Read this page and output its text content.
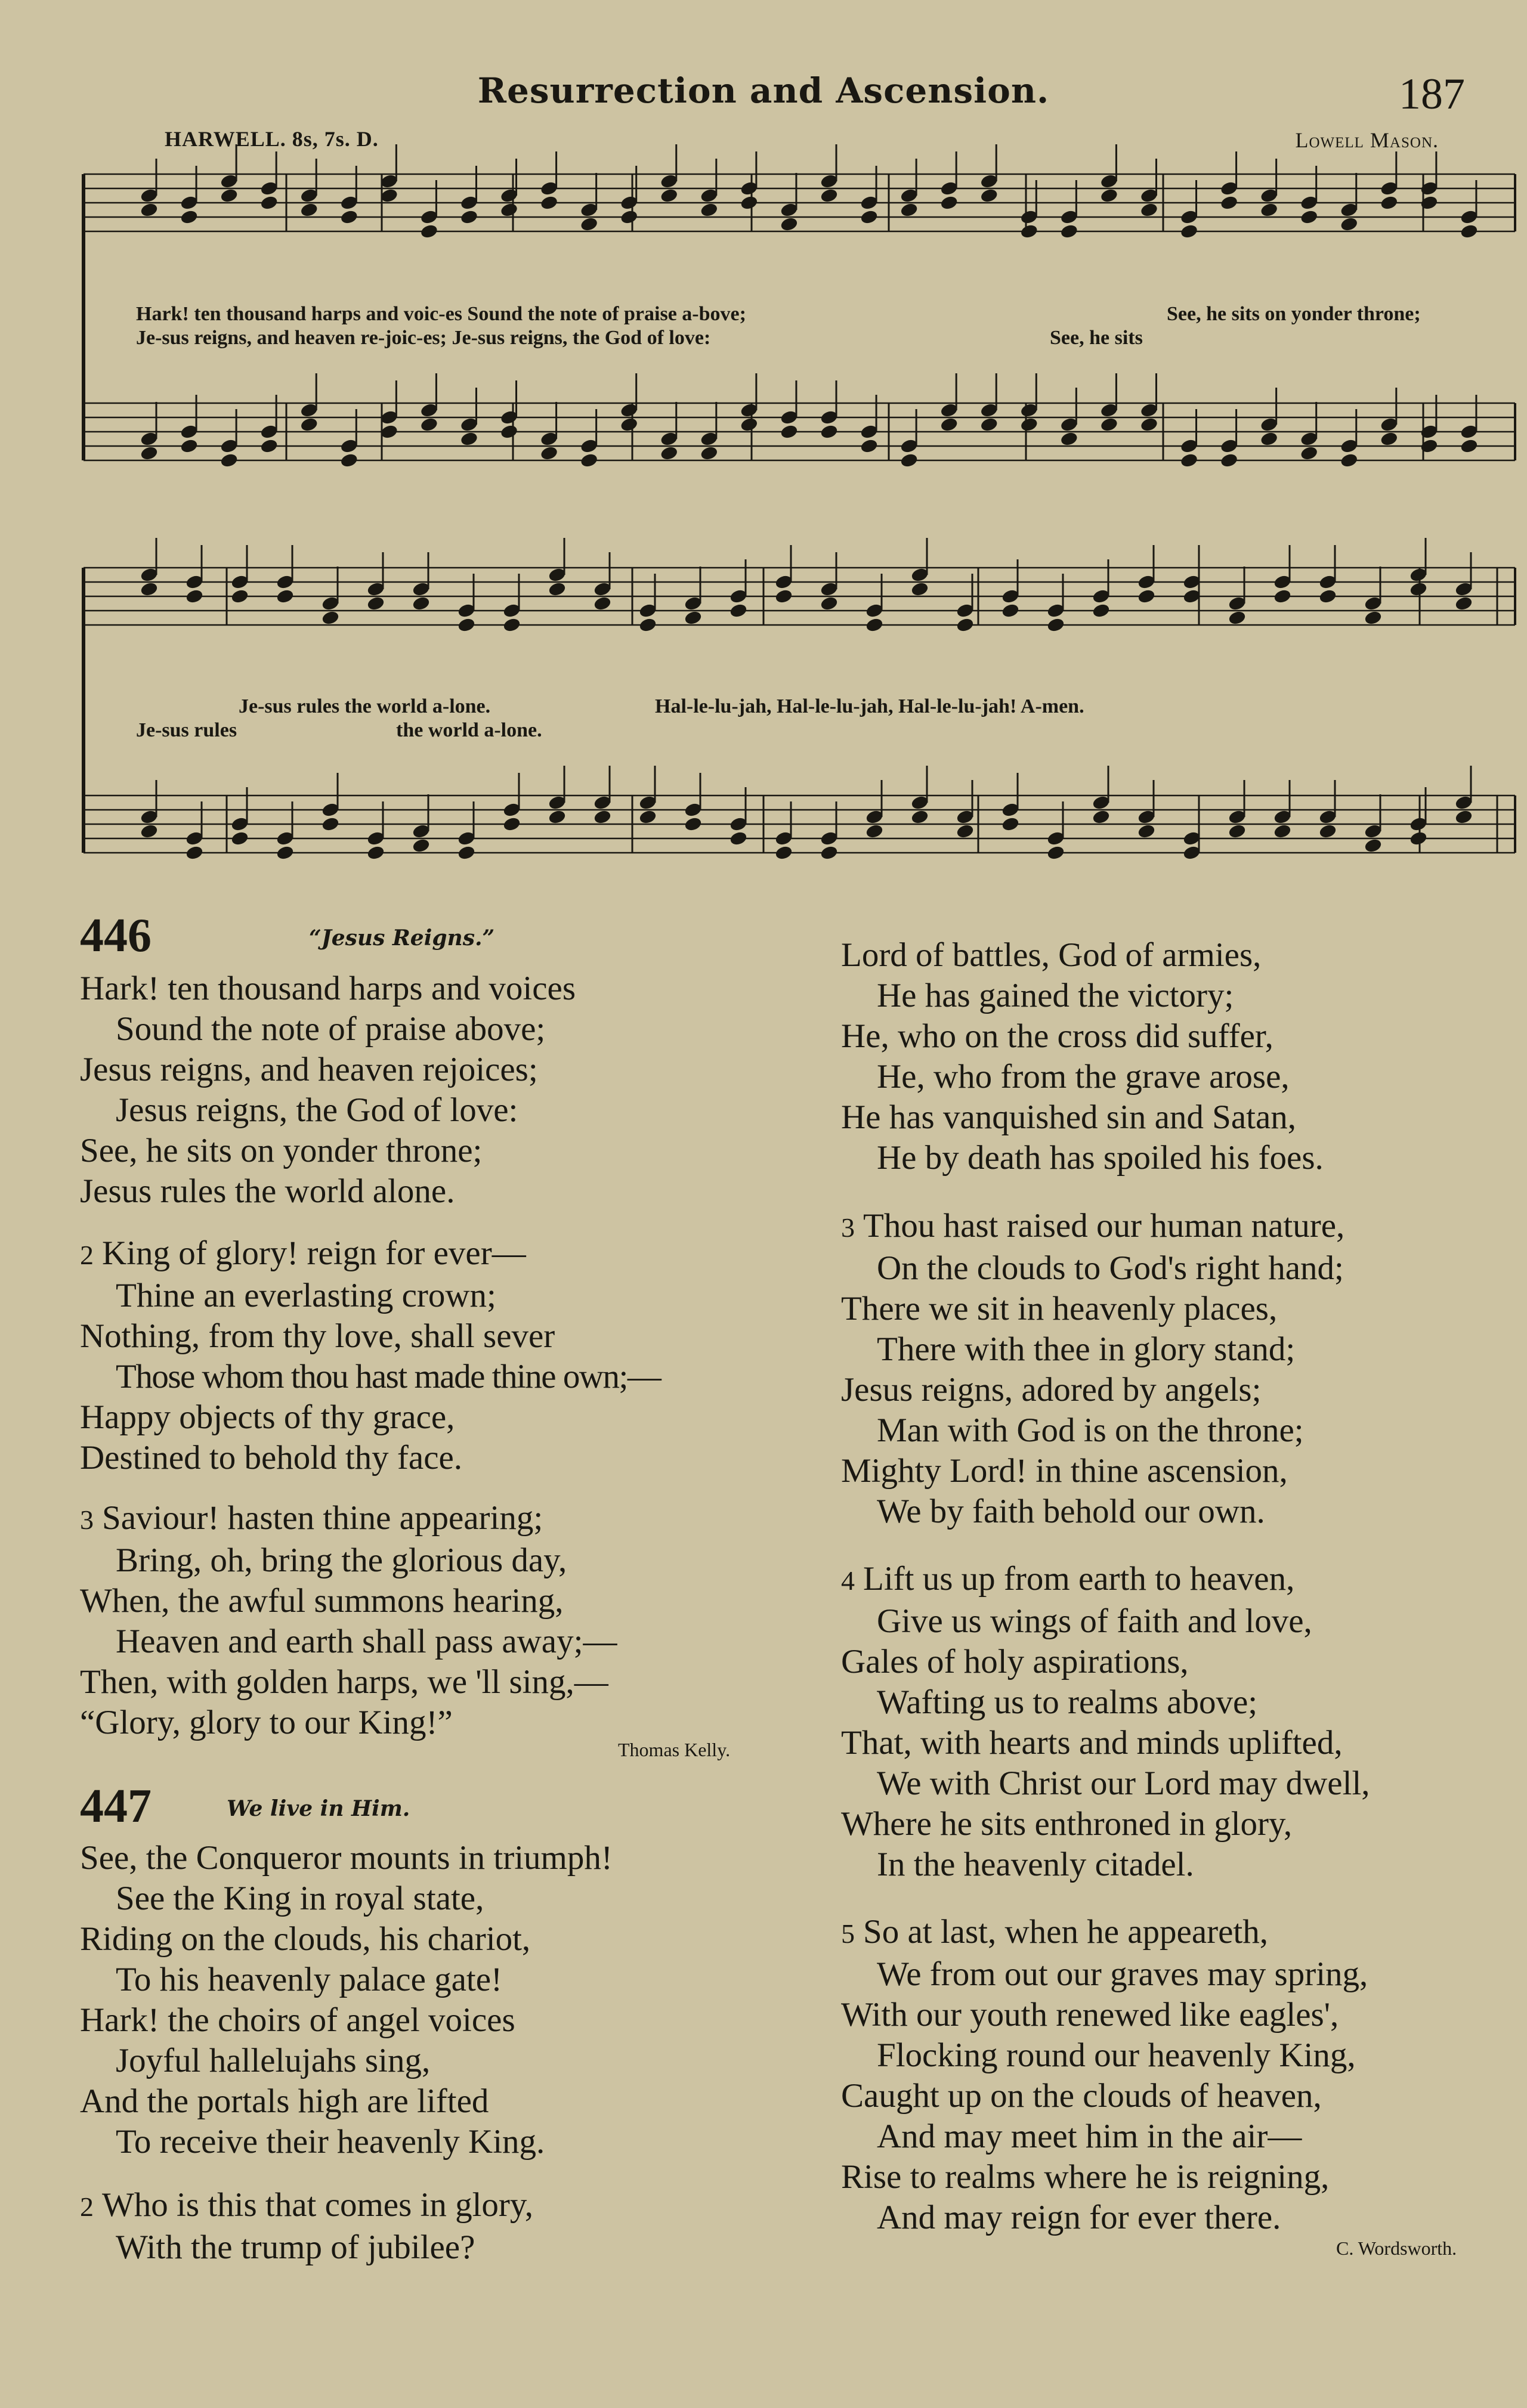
Resurrection and Ascension.	187
HARWELL. 8s, 7s. D.	Lowell Mason.
Hark! ten thousand harps and voic-es Sound the note of praise a-bove;
Je-sus reigns, and heaven re-joic-es; Je-sus reigns, the God of love:	See, he sits
See, he sits on yonder throne;
Je-sus rules the world a-lone.
Je-sus rules	the world a-lone.
Hal-le-lu-jah, Hal-le-lu-jah, Hal-le-lu-jah! A-men.
446	“Jesus Reigns.”
Hark! ten thousand harps and voices
Sound the note of praise above;
Jesus reigns, and heaven rejoices;
Jesus reigns, the God of love:
See, he sits on yonder throne;
Jesus rules the world alone.
2 King of glory! reign for ever—
Thine an everlasting crown;
Nothing, from thy love, shall sever
Those whom thou hast made thine own;—
Happy objects of thy grace,
Destined to behold thy face.
3 Saviour! hasten thine appearing;
Bring, oh, bring the glorious day,
When, the awful summons hearing,
Heaven and earth shall pass away;—
Then, with golden harps, we 'll sing,—
“Glory, glory to our King!”
Thomas Kelly.
447	We live in Him.
See, the Conqueror mounts in triumph!
See the King in royal state,
Riding on the clouds, his chariot,
To his heavenly palace gate!
Hark! the choirs of angel voices
Joyful hallelujahs sing,
And the portals high are lifted
To receive their heavenly King.
2 Who is this that comes in glory,
With the trump of jubilee?
Lord of battles, God of armies,
He has gained the victory;
He, who on the cross did suffer,
He, who from the grave arose,
He has vanquished sin and Satan,
He by death has spoiled his foes.
3 Thou hast raised our human nature,
On the clouds to God's right hand;
There we sit in heavenly places,
There with thee in glory stand;
Jesus reigns, adored by angels;
Man with God is on the throne;
Mighty Lord! in thine ascension,
We by faith behold our own.
4 Lift us up from earth to heaven,
Give us wings of faith and love,
Gales of holy aspirations,
Wafting us to realms above;
That, with hearts and minds uplifted,
We with Christ our Lord may dwell,
Where he sits enthroned in glory,
In the heavenly citadel.
5 So at last, when he appeareth,
We from out our graves may spring,
With our youth renewed like eagles',
Flocking round our heavenly King,
Caught up on the clouds of heaven,
And may meet him in the air—
Rise to realms where he is reigning,
And may reign for ever there.
C. Wordsworth.
